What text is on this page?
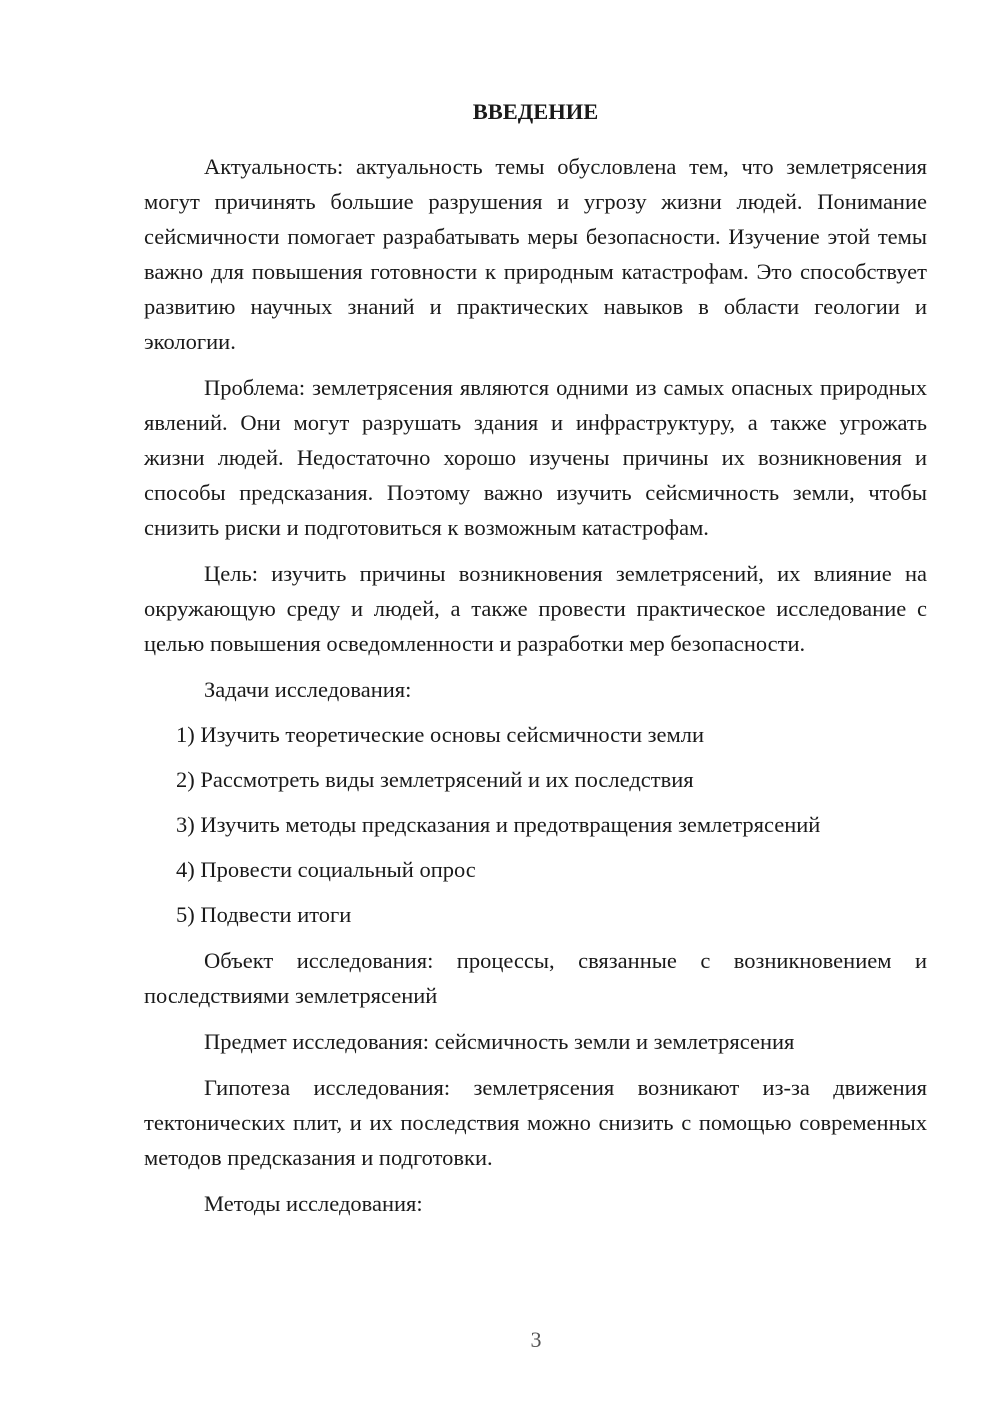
ВВЕДЕНИЕ

Актуальность: актуальность темы обусловлена тем, что землетрясения могут причинять большие разрушения и угрозу жизни людей. Понимание сейсмичности помогает разрабатывать меры безопасности. Изучение этой темы важно для повышения готовности к природным катастрофам. Это способствует развитию научных знаний и практических навыков в области геологии и экологии.

Проблема: землетрясения являются одними из самых опасных природных явлений. Они могут разрушать здания и инфраструктуру, а также угрожать жизни людей. Недостаточно хорошо изучены причины их возникновения и способы предсказания. Поэтому важно изучить сейсмичность земли, чтобы снизить риски и подготовиться к возможным катастрофам.

Цель: изучить причины возникновения землетрясений, их влияние на окружающую среду и людей, а также провести практическое исследование с целью повышения осведомленности и разработки мер безопасности.

Задачи исследования:

1) Изучить теоретические основы сейсмичности земли

2) Рассмотреть виды землетрясений и их последствия

3) Изучить методы предсказания и предотвращения землетрясений

4) Провести социальный опрос

5) Подвести итоги

Объект исследования: процессы, связанные с возникновением и последствиями землетрясений

Предмет исследования: сейсмичность земли и землетрясения

Гипотеза исследования: землетрясения возникают из-за движения тектонических плит, и их последствия можно снизить с помощью современных методов предсказания и подготовки.

Методы исследования:

3
